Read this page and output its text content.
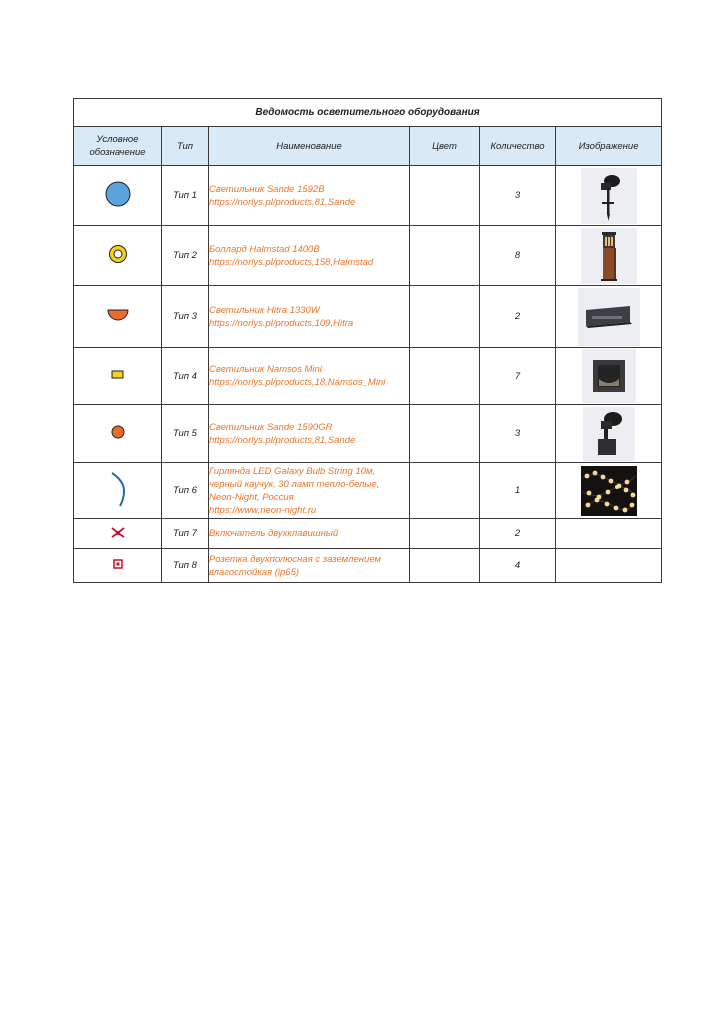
Ведомость осветительного оборудования					
Условное обозначение	Тип	Наименование	Цвет	Количество	Изображение
	Тип 1	Светильник Sande 1592B
https://norlys.pl/products,81,Sande		3	

	Тип 2	Боллард Halmstad 1400B
https://norlys.pl/products,158,Halmstad		8	

	Тип 3	Светильник Hitra 1330W
https://norlys.pl/products,109,Hitra		2	

	Тип 4	Светильник Namsos Mini
https://norlys.pl/products,18,Namsos_Mini		7	

	Тип 5	Светильник Sande 1590GR
https://norlys.pl/products,81,Sande		3	

	Тип 6	Гирлянда LED Galaxy Bulb String 10м,
черный каучук, 30 ламп тепло-белые,
Neon-Night, Россия
https://www.neon-night.ru		1	

	Тип 7	Включатель двухклавишный		2	
	Тип 8	Розетка двухполюсная с заземлением
влагостойкая (ip65)		4	
